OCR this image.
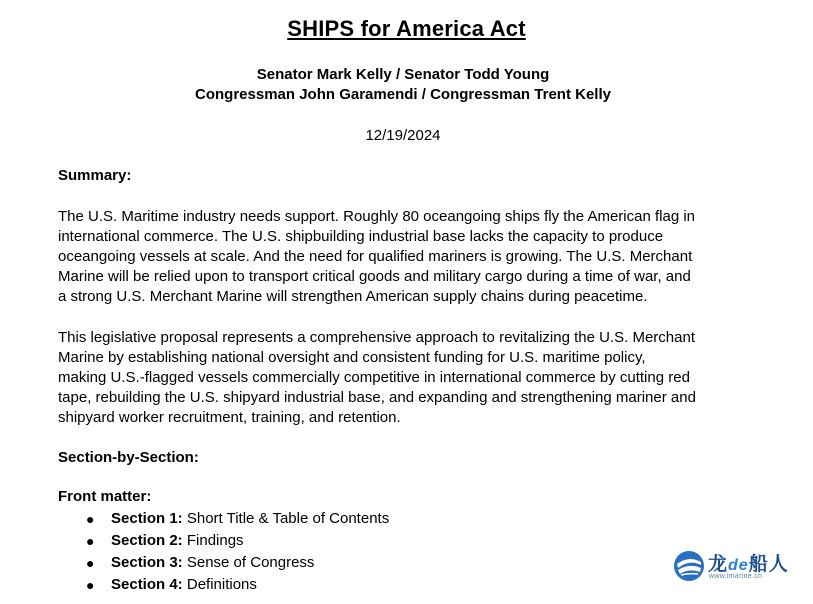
SHIPS for America Act
Senator Mark Kelly / Senator Todd Young
Congressman John Garamendi / Congressman Trent Kelly
12/19/2024
Summary:

The U.S. Maritime industry needs support. Roughly 80 oceangoing ships fly the American flag in
international commerce. The U.S. shipbuilding industrial base lacks the capacity to produce
oceangoing vessels at scale. And the need for qualified mariners is growing. The U.S. Merchant
Marine will be relied upon to transport critical goods and military cargo during a time of war, and
a strong U.S. Merchant Marine will strengthen American supply chains during peacetime.

This legislative proposal represents a comprehensive approach to revitalizing the U.S. Merchant
Marine by establishing national oversight and consistent funding for U.S. maritime policy,
making U.S.-flagged vessels commercially competitive in international commerce by cutting red
tape, rebuilding the U.S. shipyard industrial base, and expanding and strengthening mariner and
shipyard worker recruitment, training, and retention.

Section-by-Section:
Front matter:
● Section 1: Short Title & Table of Contents
● Section 2: Findings
● Section 3: Sense of Congress
● Section 4: Definitions
龙de船人
www.imarine.cn
